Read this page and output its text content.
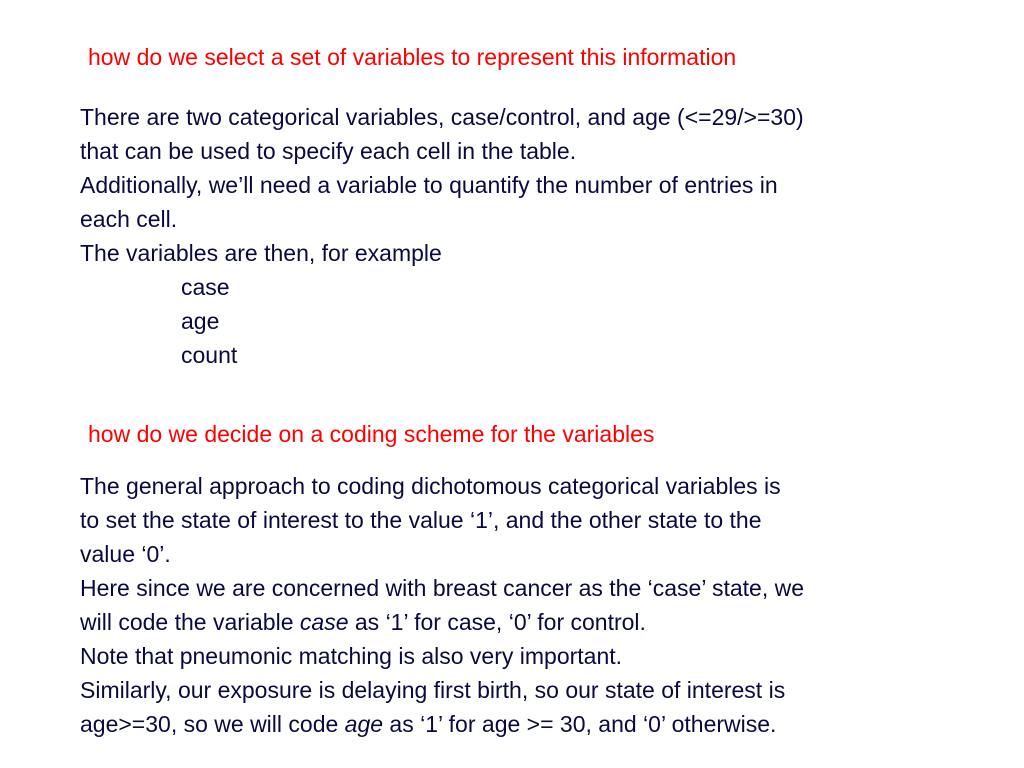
how do we select a set of variables to represent this information
There are two categorical variables, case/control, and age (<=29/>=30)
that can be used to specify each cell in the table.
Additionally, we’ll need a variable to quantify the number of entries in
each cell.
The variables are then, for example
case
age
count
how do we decide on a coding scheme for the variables
The general approach to coding dichotomous categorical variables is
to set the state of interest to the value ‘1’, and the other state to the
value ‘0’.
Here since we are concerned with breast cancer as the ‘case’ state, we
will code the variable case as ‘1’ for case, ‘0’ for control.
Note that pneumonic matching is also very important.
Similarly, our exposure is delaying first birth, so our state of interest is
age>=30, so we will code age as ‘1’ for age >= 30, and ‘0’ otherwise.
